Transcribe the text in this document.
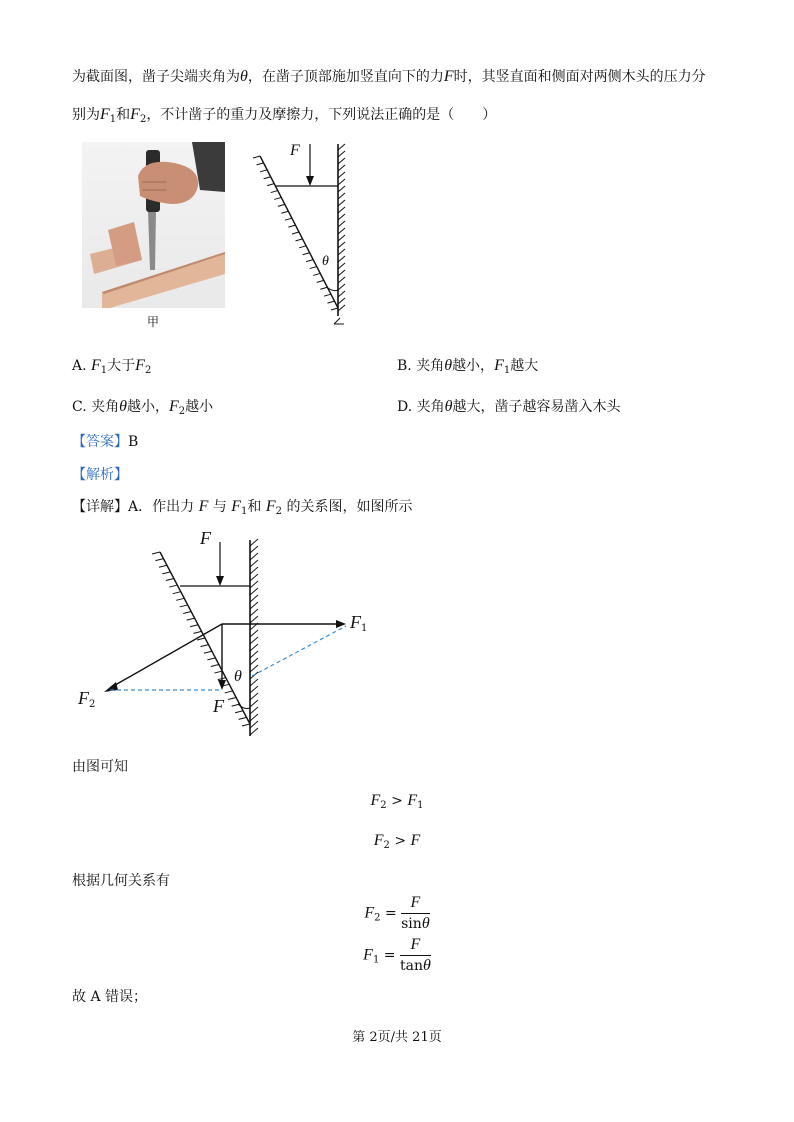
为截面图，凿子尖端夹角为θ，在凿子顶部施加竖直向下的力F时，其竖直面和侧面对两侧木头的压力分
别为$F_1$和$F_2$，不计凿子的重力及摩擦力，下列说法正确的是（　　）
甲
F
θ
A. $F_1$大于$F_2$	B. 夹角θ越小，$F_1$越大
C. 夹角θ越小，$F_2$越小	D. 夹角θ越大，凿子越容易凿入木头
【答案】B
【解析】
【详解】A．作出力 F 与 $F_1$和 $F_2$ 的关系图，如图所示
F
$F_1$
$F_2$	F
θ
由图可知
$F_2 > F_1$
$F_2 > F$
根据几何关系有
$F_2 = \frac{F}{\sin\theta}$
$F_1 = \frac{F}{\tan\theta}$
故 A 错误；
第 2页/共 21页
